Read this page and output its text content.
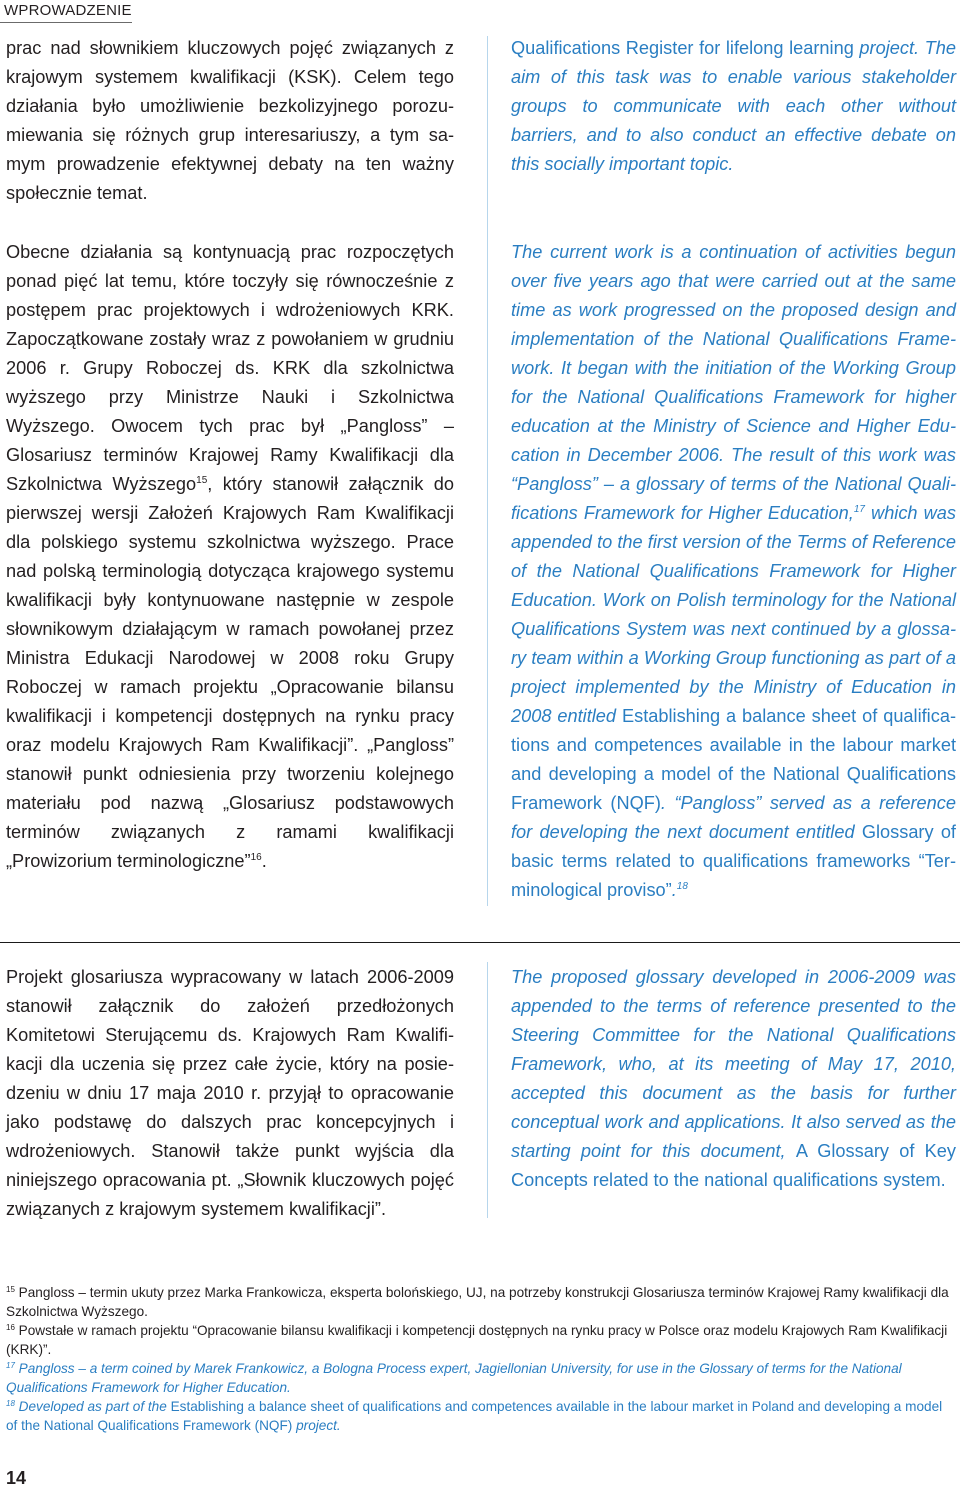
WPROWADZENIE
prac nad słownikiem kluczowych pojęć związanych z krajowym systemem kwalifikacji (KSK). Celem tego działania było umożliwienie bezkolizyjnego porozumiewania się różnych grup interesariuszy, a tym samym prowadzenie efektywnej debaty na ten ważny społecznie temat.
Obecne działania są kontynuacją prac rozpoczętych ponad pięć lat temu, które toczyły się równocześnie z postępem prac projektowych i wdrożeniowych KRK. Zapoczątkowane zostały wraz z powołaniem w grudniu 2006 r. Grupy Roboczej ds. KRK dla szkolnictwa wyższego przy Ministrze Nauki i Szkolnictwa Wyższego. Owocem tych prac był „Pangloss” – Glosariusz terminów Krajowej Ramy Kwalifikacji dla Szkolnictwa Wyższego$^{15}$, który stanowił załącznik do pierwszej wersji Założeń Krajowych Ram Kwalifikacji dla polskiego systemu szkolnictwa wyższego. Prace nad polską terminologią dotycząca krajowego systemu kwalifikacji były kontynuowane następnie w zespole słownikowym działającym w ramach powołanej przez Ministra Edukacji Narodowej w 2008 roku Grupy Roboczej w ramach projektu „Opracowanie bilansu kwalifikacji i kompetencji dostępnych na rynku pracy oraz modelu Krajowych Ram Kwalifikacji”. „Pangloss” stanowił punkt odniesienia przy tworzeniu kolejnego materiału pod nazwą „Glosariusz podstawowych terminów związanych z ramami kwalifikacji „Prowizorium terminologiczne”$^{16}$.
Projekt glosariusza wypracowany w latach 2006-2009 stanowił załącznik do założeń przedłożonych Komitetowi Sterującemu ds. Krajowych Ram Kwalifikacji dla uczenia się przez całe życie, który na posiedzeniu w dniu 17 maja 2010 r. przyjął to opracowanie jako podstawę do dalszych prac koncepcyjnych i wdrożeniowych. Stanowił także punkt wyjścia dla niniejszego opracowania pt. „Słownik kluczowych pojęć związanych z krajowym systemem kwalifikacji”.
Qualifications Register for lifelong learning project. The aim of this task was to enable various stakeholder groups to communicate with each other without barriers, and to also conduct an effective debate on this socially important topic.
The current work is a continuation of activities begun over five years ago that were carried out at the same time as work progressed on the proposed design and implementation of the National Qualifications Framework. It began with the initiation of the Working Group for the National Qualifications Framework for higher education at the Ministry of Science and Higher Education in December 2006. The result of this work was “Pangloss” – a glossary of terms of the National Qualifications Framework for Higher Education,$^{17}$ which was appended to the first version of the Terms of Reference of the National Qualifications Framework for Higher Education. Work on Polish terminology for the National Qualifications System was next continued by a glossary team within a Working Group functioning as part of a project implemented by the Ministry of Education in 2008 entitled Establishing a balance sheet of qualifications and competences available in the labour market and developing a model of the National Qualifications Framework (NQF). “Pangloss” served as a reference for developing the next document entitled Glossary of basic terms related to qualifications frameworks “Terminological proviso”.$^{18}$
The proposed glossary developed in 2006-2009 was appended to the terms of reference presented to the Steering Committee for the National Qualifications Framework, who, at its meeting of May 17, 2010, accepted this document as the basis for further conceptual work and applications. It also served as the starting point for this document, A Glossary of Key Concepts related to the national qualifications system.
$^{15}$ Pangloss – termin ukuty przez Marka Frankowicza, eksperta bolońskiego, UJ, na potrzeby konstrukcji Glosariusza terminów Krajowej Ramy kwalifikacji dla Szkolnictwa Wyższego.
$^{16}$ Powstałe w ramach projektu “Opracowanie bilansu kwalifikacji i kompetencji dostępnych na rynku pracy w Polsce oraz modelu Krajowych Ram Kwalifikacji (KRK)”.
$^{17}$ Pangloss – a term coined by Marek Frankowicz, a Bologna Process expert, Jagiellonian University, for use in the Glossary of terms for the National Qualifications Framework for Higher Education.
$^{18}$ Developed as part of the Establishing a balance sheet of qualifications and competences available in the labour market in Poland and developing a model of the National Qualifications Framework (NQF) project.
14
